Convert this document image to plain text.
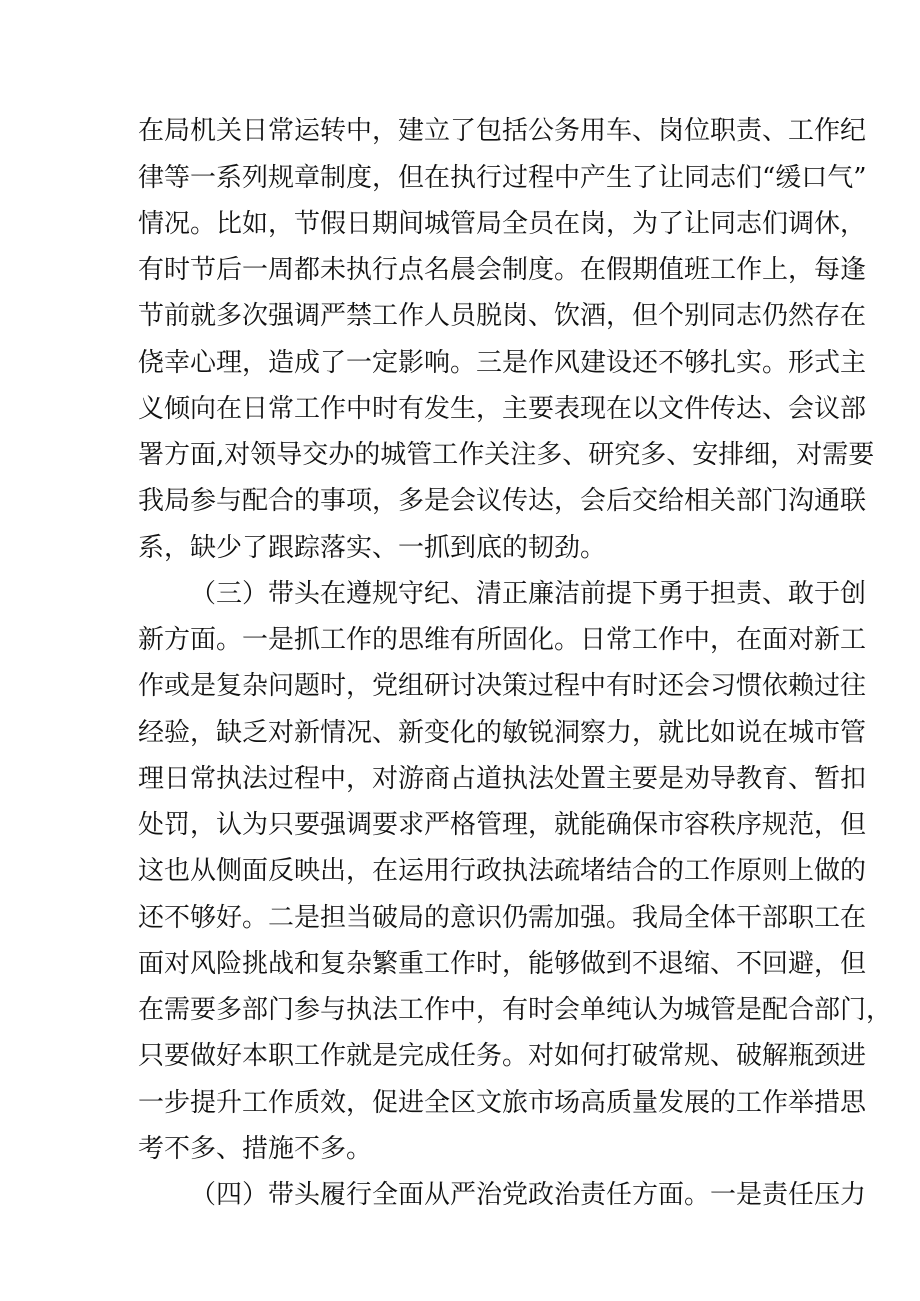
在局机关日常运转中，建立了包括公务用车、岗位职责、工作纪
律等一系列规章制度，但在执行过程中产生了让同志们“缓口气”
情况。比如，节假日期间城管局全员在岗，为了让同志们调休，
有时节后一周都未执行点名晨会制度。在假期值班工作上，每逢
节前就多次强调严禁工作人员脱岗、饮酒，但个别同志仍然存在
侥幸心理，造成了一定影响。三是作风建设还不够扎实。形式主
义倾向在日常工作中时有发生，主要表现在以文件传达、会议部
署方面,对领导交办的城管工作关注多、研究多、安排细，对需要
我局参与配合的事项，多是会议传达，会后交给相关部门沟通联
系，缺少了跟踪落实、一抓到底的韧劲。
（三）带头在遵规守纪、清正廉洁前提下勇于担责、敢于创
新方面。一是抓工作的思维有所固化。日常工作中，在面对新工
作或是复杂问题时，党组研讨决策过程中有时还会习惯依赖过往
经验，缺乏对新情况、新变化的敏锐洞察力，就比如说在城市管
理日常执法过程中，对游商占道执法处置主要是劝导教育、暂扣
处罚，认为只要强调要求严格管理，就能确保市容秩序规范，但
这也从侧面反映出，在运用行政执法疏堵结合的工作原则上做的
还不够好。二是担当破局的意识仍需加强。我局全体干部职工在
面对风险挑战和复杂繁重工作时，能够做到不退缩、不回避，但
在需要多部门参与执法工作中，有时会单纯认为城管是配合部门，
只要做好本职工作就是完成任务。对如何打破常规、破解瓶颈进
一步提升工作质效，促进全区文旅市场高质量发展的工作举措思
考不多、措施不多。
（四）带头履行全面从严治党政治责任方面。一是责任压力
